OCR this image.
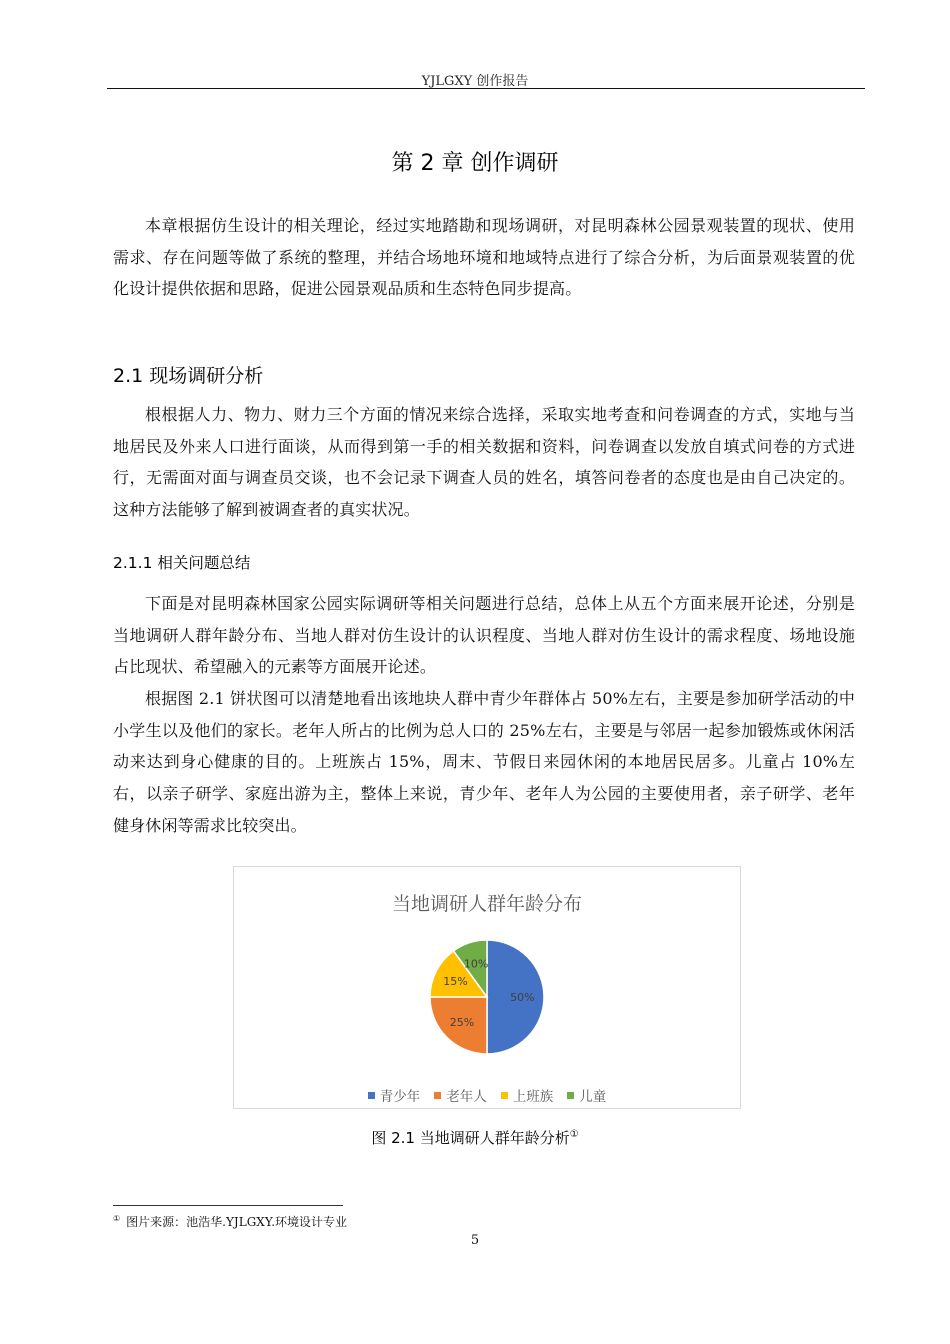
YJLGXY 创作报告
第 2 章 创作调研

本章根据仿生设计的相关理论，经过实地踏勘和现场调研，对昆明森林公园景观装置的现状、使用需求、存在问题等做了系统的整理，并结合场地环境和地域特点进行了综合分析，为后面景观装置的优化设计提供依据和思路，促进公园景观品质和生态特色同步提高。

2.1 现场调研分析

根根据人力、物力、财力三个方面的情况来综合选择，采取实地考查和问卷调查的方式，实地与当地居民及外来人口进行面谈，从而得到第一手的相关数据和资料，问卷调查以发放自填式问卷的方式进行，无需面对面与调查员交谈，也不会记录下调查人员的姓名，填答问卷者的态度也是由自己决定的。这种方法能够了解到被调查者的真实状况。

2.1.1 相关问题总结

下面是对昆明森林国家公园实际调研等相关问题进行总结，总体上从五个方面来展开论述，分别是当地调研人群年龄分布、当地人群对仿生设计的认识程度、当地人群对仿生设计的需求程度、场地设施占比现状、希望融入的元素等方面展开论述。

根据图 2.1 饼状图可以清楚地看出该地块人群中青少年群体占 50%左右，主要是参加研学活动的中小学生以及他们的家长。老年人所占的比例为总人口的 25%左右，主要是与邻居一起参加锻炼或休闲活动来达到身心健康的目的。上班族占 15%，周末、节假日来园休闲的本地居民居多。儿童占 10%左右，以亲子研学、家庭出游为主，整体上来说，青少年、老年人为公园的主要使用者，亲子研学、老年健身休闲等需求比较突出。

当地调研人群年龄分布
50%
25%
15%
10%
青少年 老年人 上班族 儿童
图 2.1 当地调研人群年龄分析①
① 图片来源：池浩华.YJLGXY.环境设计专业
5
